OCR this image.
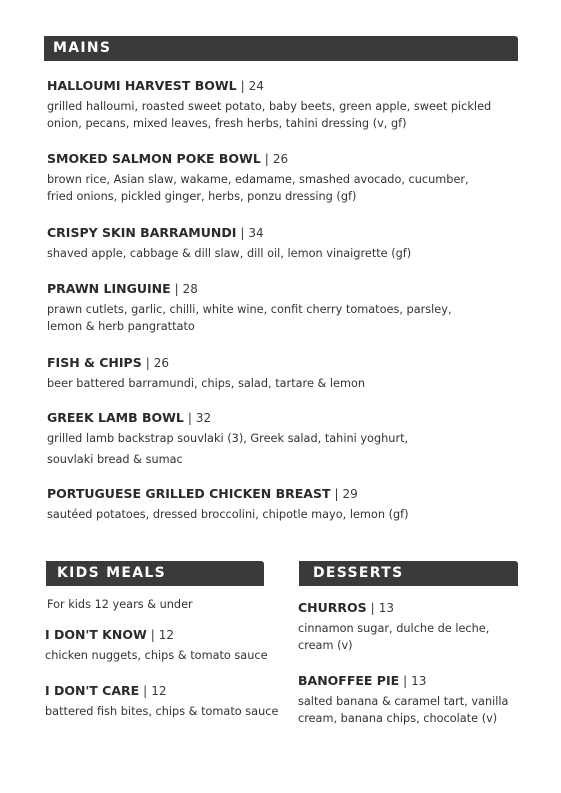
MAINS
HALLOUMI HARVEST BOWL | 24
grilled halloumi, roasted sweet potato, baby beets, green apple, sweet pickled
onion, pecans, mixed leaves, fresh herbs, tahini dressing (v, gf)
SMOKED SALMON POKE BOWL | 26
brown rice, Asian slaw, wakame, edamame, smashed avocado, cucumber,
fried onions, pickled ginger, herbs, ponzu dressing (gf)
CRISPY SKIN BARRAMUNDI | 34
shaved apple, cabbage & dill slaw, dill oil, lemon vinaigrette (gf)
PRAWN LINGUINE | 28
prawn cutlets, garlic, chilli, white wine, confit cherry tomatoes, parsley,
lemon & herb pangrattato
FISH & CHIPS | 26
beer battered barramundi, chips, salad, tartare & lemon
GREEK LAMB BOWL | 32
grilled lamb backstrap souvlaki (3), Greek salad, tahini yoghurt,
souvlaki bread & sumac
PORTUGUESE GRILLED CHICKEN BREAST | 29
sautéed potatoes, dressed broccolini, chipotle mayo, lemon (gf)
KIDS MEALS
For kids 12 years & under
I DON'T KNOW | 12
chicken nuggets, chips & tomato sauce
I DON'T CARE | 12
battered fish bites, chips & tomato sauce
DESSERTS
CHURROS | 13
cinnamon sugar, dulche de leche,
cream (v)
BANOFFEE PIE | 13
salted banana & caramel tart, vanilla
cream, banana chips, chocolate (v)
